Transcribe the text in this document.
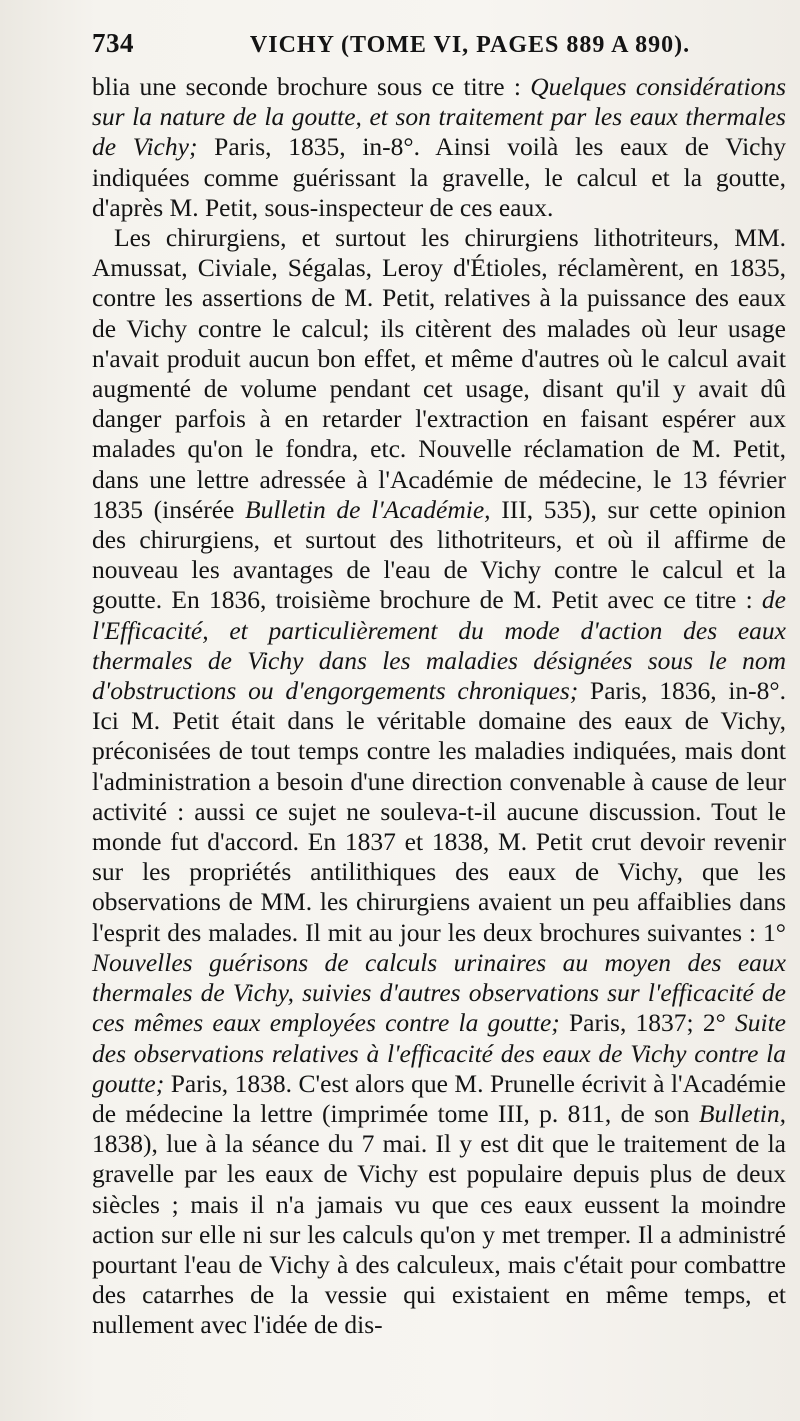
734	VICHY (TOME VI, PAGES 889 A 890).

blia une seconde brochure sous ce titre : Quelques considérations sur la nature de la goutte, et son traitement par les eaux thermales de Vichy; Paris, 1835, in-8°. Ainsi voilà les eaux de Vichy indiquées comme guérissant la gravelle, le calcul et la goutte, d'après M. Petit, sous-inspecteur de ces eaux.

Les chirurgiens, et surtout les chirurgiens lithotriteurs, MM. Amussat, Civiale, Ségalas, Leroy d'Étioles, réclamèrent, en 1835, contre les assertions de M. Petit, relatives à la puissance des eaux de Vichy contre le calcul; ils citèrent des malades où leur usage n'avait produit aucun bon effet, et même d'autres où le calcul avait augmenté de volume pendant cet usage, disant qu'il y avait dû danger parfois à en retarder l'extraction en faisant espérer aux malades qu'on le fondra, etc. Nouvelle réclamation de M. Petit, dans une lettre adressée à l'Académie de médecine, le 13 février 1835 (insérée Bulletin de l'Académie, III, 535), sur cette opinion des chirurgiens, et surtout des lithotriteurs, et où il affirme de nouveau les avantages de l'eau de Vichy contre le calcul et la goutte. En 1836, troisième brochure de M. Petit avec ce titre : de l'Efficacité, et particulièrement du mode d'action des eaux thermales de Vichy dans les maladies désignées sous le nom d'obstructions ou d'engorgements chroniques; Paris, 1836, in-8°. Ici M. Petit était dans le véritable domaine des eaux de Vichy, préconisées de tout temps contre les maladies indiquées, mais dont l'administration a besoin d'une direction convenable à cause de leur activité : aussi ce sujet ne souleva-t-il aucune discussion. Tout le monde fut d'accord. En 1837 et 1838, M. Petit crut devoir revenir sur les propriétés antilithiques des eaux de Vichy, que les observations de MM. les chirurgiens avaient un peu affaiblies dans l'esprit des malades. Il mit au jour les deux brochures suivantes : 1° Nouvelles guérisons de calculs urinaires au moyen des eaux thermales de Vichy, suivies d'autres observations sur l'efficacité de ces mêmes eaux employées contre la goutte; Paris, 1837; 2° Suite des observations relatives à l'efficacité des eaux de Vichy contre la goutte; Paris, 1838. C'est alors que M. Prunelle écrivit à l'Académie de médecine la lettre (imprimée tome III, p. 811, de son Bulletin, 1838), lue à la séance du 7 mai. Il y est dit que le traitement de la gravelle par les eaux de Vichy est populaire depuis plus de deux siècles ; mais il n'a jamais vu que ces eaux eussent la moindre action sur elle ni sur les calculs qu'on y met tremper. Il a administré pourtant l'eau de Vichy à des calculeux, mais c'était pour combattre des catarrhes de la vessie qui existaient en même temps, et nullement avec l'idée de dis-
